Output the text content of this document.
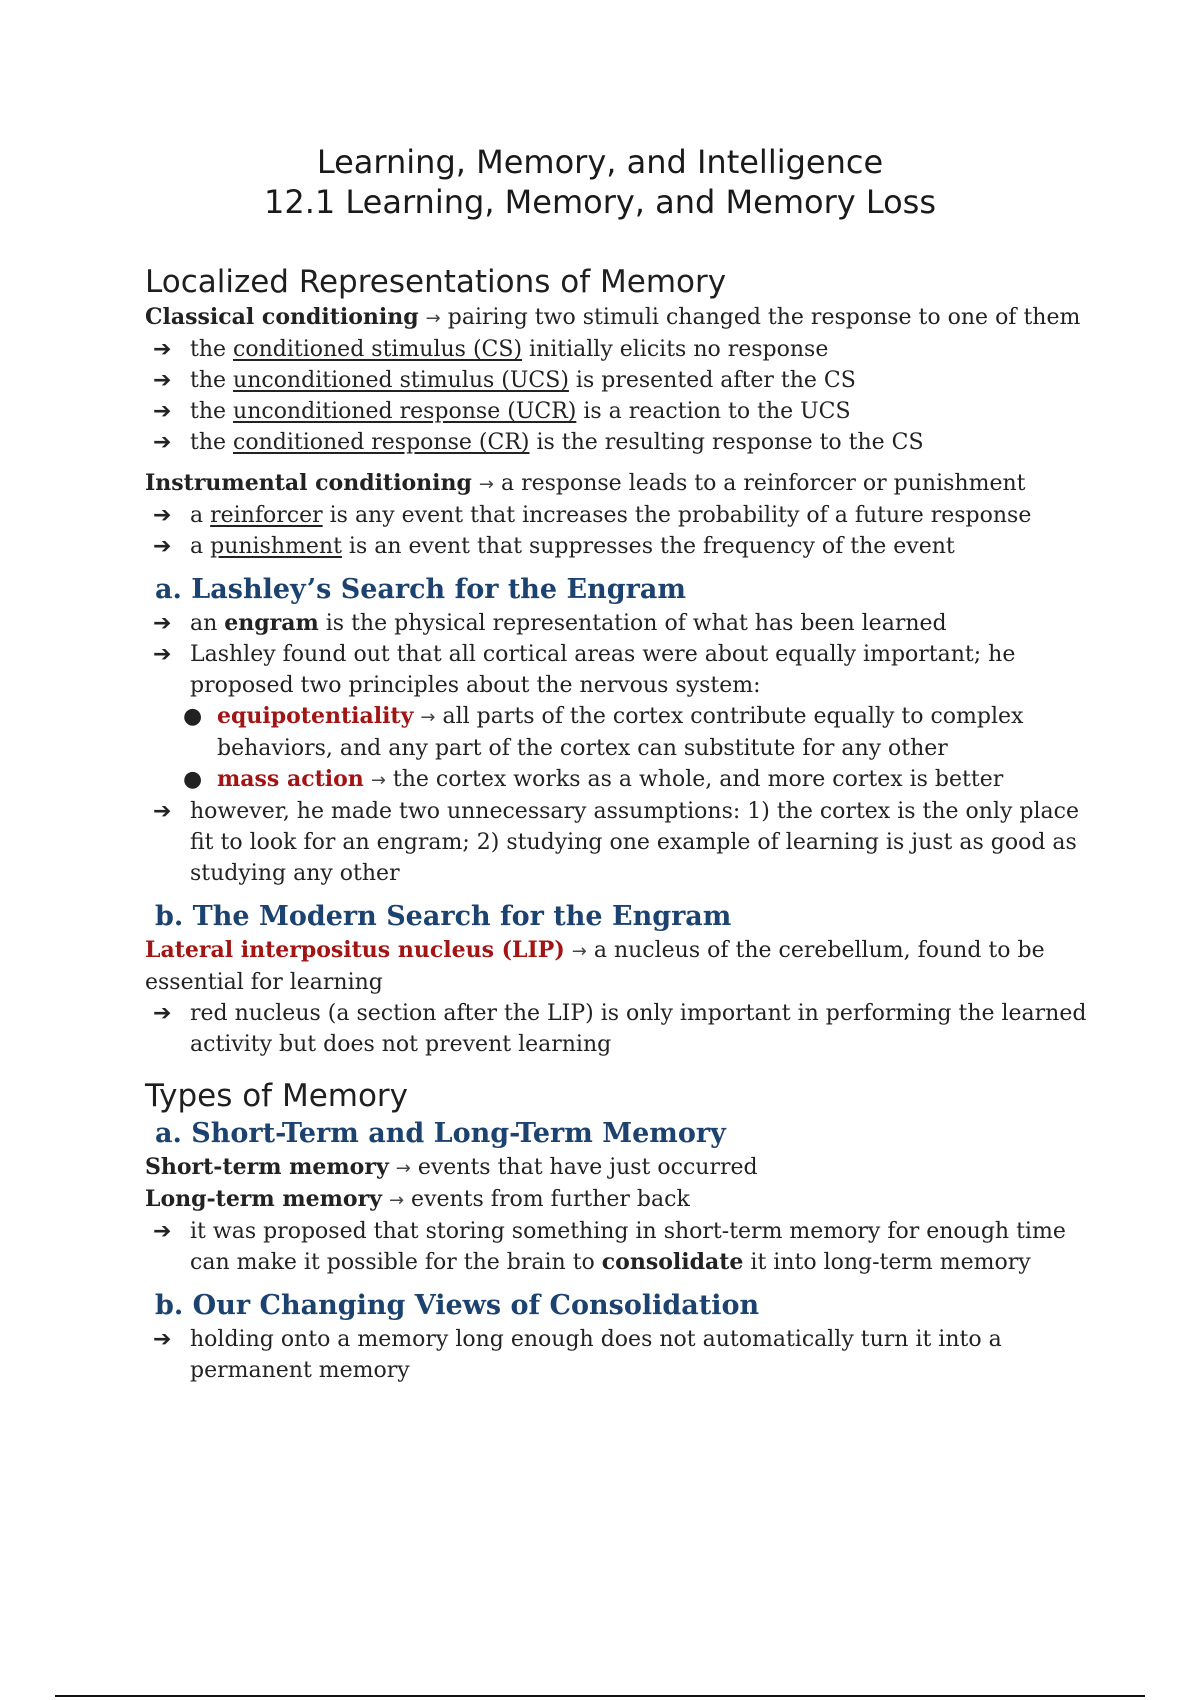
Learning, Memory, and Intelligence
12.1 Learning, Memory, and Memory Loss
Localized Representations of Memory

Classical conditioning → pairing two stimuli changed the response to one of them

➔ the conditioned stimulus (CS) initially elicits no response

➔ the unconditioned stimulus (UCS) is presented after the CS

➔ the unconditioned response (UCR) is a reaction to the UCS

➔ the conditioned response (CR) is the resulting response to the CS

Instrumental conditioning → a response leads to a reinforcer or punishment

➔ a reinforcer is any event that increases the probability of a future response

➔ a punishment is an event that suppresses the frequency of the event

a. Lashley’s Search for the Engram

➔ an engram is the physical representation of what has been learned

➔ Lashley found out that all cortical areas were about equally important; he proposed two principles about the nervous system:

● equipotentiality → all parts of the cortex contribute equally to complex behaviors, and any part of the cortex can substitute for any other

● mass action → the cortex works as a whole, and more cortex is better

➔ however, he made two unnecessary assumptions: 1) the cortex is the only place fit to look for an engram; 2) studying one example of learning is just as good as studying any other

b. The Modern Search for the Engram

Lateral interpositus nucleus (LIP) → a nucleus of the cerebellum, found to be essential for learning

➔ red nucleus (a section after the LIP) is only important in performing the learned activity but does not prevent learning

Types of Memory
a. Short-Term and Long-Term Memory

Short-term memory → events that have just occurred

Long-term memory → events from further back

➔ it was proposed that storing something in short-term memory for enough time can make it possible for the brain to consolidate it into long-term memory

b. Our Changing Views of Consolidation

➔ holding onto a memory long enough does not automatically turn it into a permanent memory
